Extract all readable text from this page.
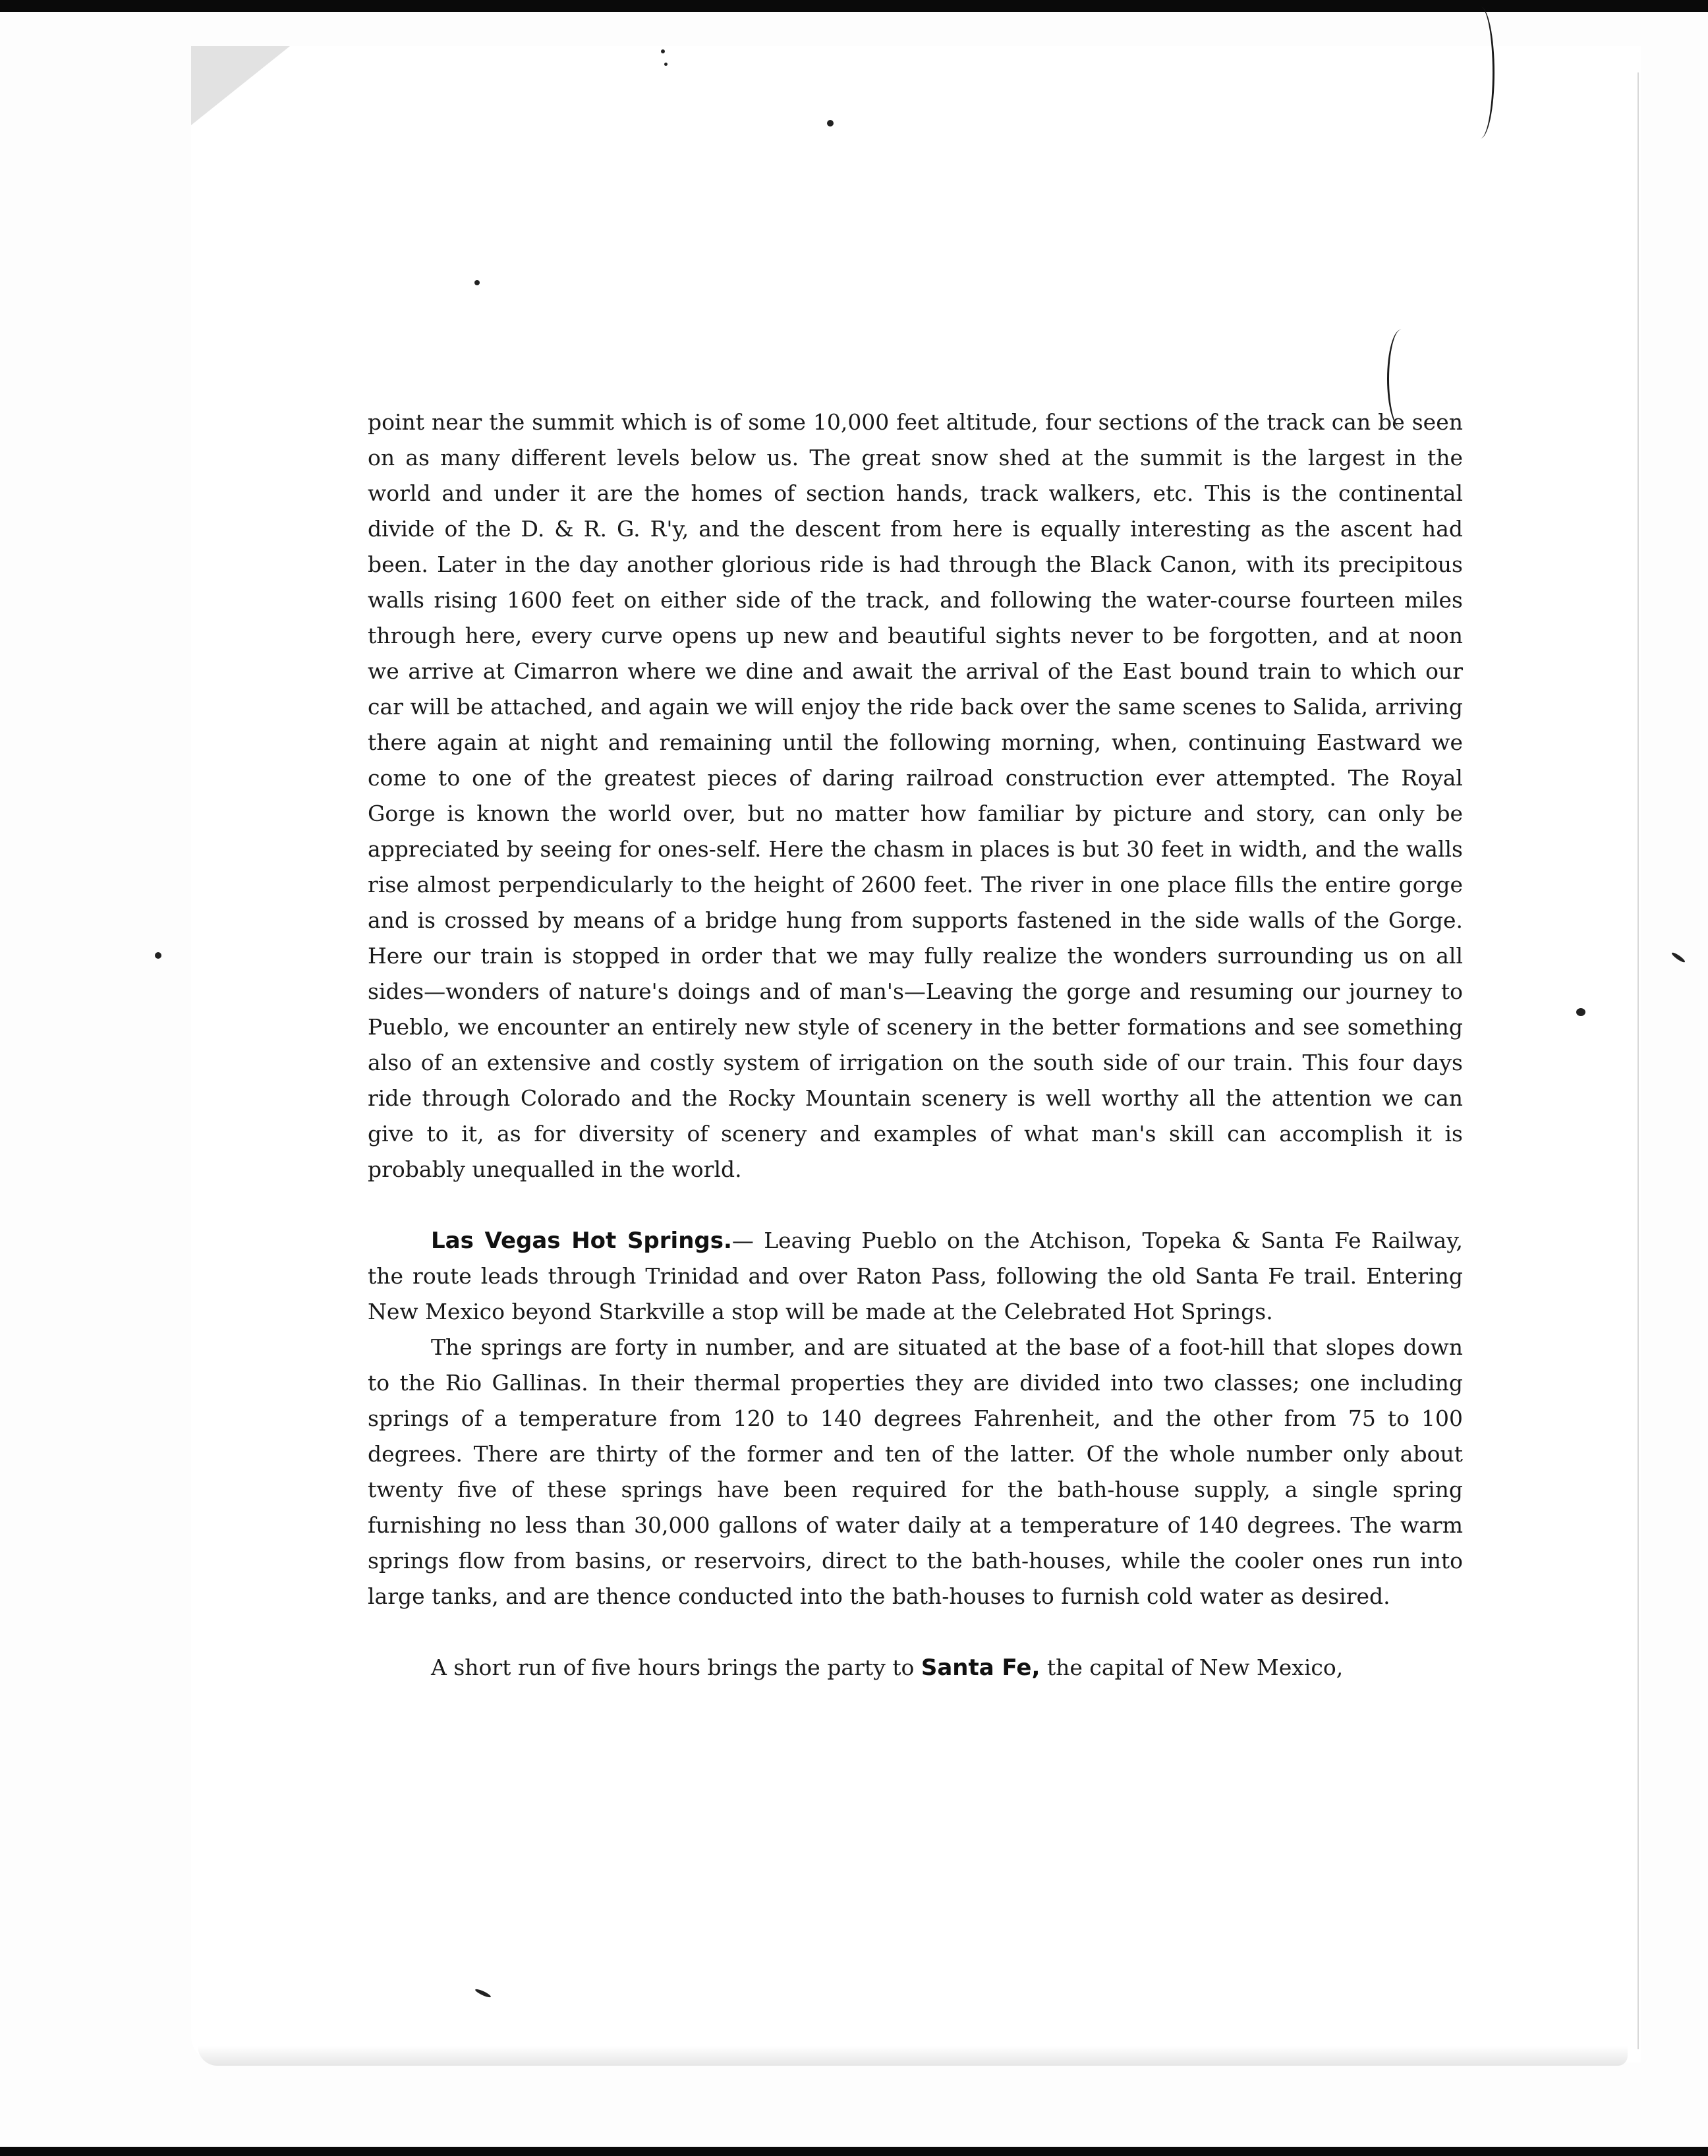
point near the summit which is of some 10,000 feet altitude, four sections of the track can be seen on as many different levels below us. The great snow shed at the summit is the largest in the world and under it are the homes of section hands, track walkers, etc. This is the continental divide of the D. & R. G. R'y, and the descent from here is equally interesting as the ascent had been. Later in the day another glorious ride is had through the Black Canon, with its precipitous walls rising 1600 feet on either side of the track, and following the water-course fourteen miles through here, every curve opens up new and beautiful sights never to be forgotten, and at noon we arrive at Cimarron where we dine and await the arrival of the East bound train to which our car will be attached, and again we will enjoy the ride back over the same scenes to Salida, arriving there again at night and remaining until the following morning, when, continuing Eastward we come to one of the greatest pieces of daring railroad construction ever attempted. The Royal Gorge is known the world over, but no matter how familiar by picture and story, can only be appreciated by seeing for ones-self. Here the chasm in places is but 30 feet in width, and the walls rise almost perpendicularly to the height of 2600 feet. The river in one place fills the entire gorge and is crossed by means of a bridge hung from supports fastened in the side walls of the Gorge. Here our train is stopped in order that we may fully realize the wonders surrounding us on all sides—wonders of nature's doings and of man's—Leaving the gorge and resuming our journey to Pueblo, we encounter an entirely new style of scenery in the better formations and see something also of an extensive and costly system of irrigation on the south side of our train. This four days ride through Colorado and the Rocky Mountain scenery is well worthy all the attention we can give to it, as for diversity of scenery and examples of what man's skill can accomplish it is probably unequalled in the world.

Las Vegas Hot Springs.— Leaving Pueblo on the Atchison, Topeka & Santa Fe Railway, the route leads through Trinidad and over Raton Pass, following the old Santa Fe trail. Entering New Mexico beyond Starkville a stop will be made at the Celebrated Hot Springs.

The springs are forty in number, and are situated at the base of a foot-hill that slopes down to the Rio Gallinas. In their thermal properties they are divided into two classes; one including springs of a temperature from 120 to 140 degrees Fahrenheit, and the other from 75 to 100 degrees. There are thirty of the former and ten of the latter. Of the whole number only about twenty five of these springs have been required for the bath-house supply, a single spring furnishing no less than 30,000 gallons of water daily at a temperature of 140 degrees. The warm springs flow from basins, or reservoirs, direct to the bath-houses, while the cooler ones run into large tanks, and are thence conducted into the bath-houses to furnish cold water as desired.

A short run of five hours brings the party to Santa Fe, the capital of New Mexico,
